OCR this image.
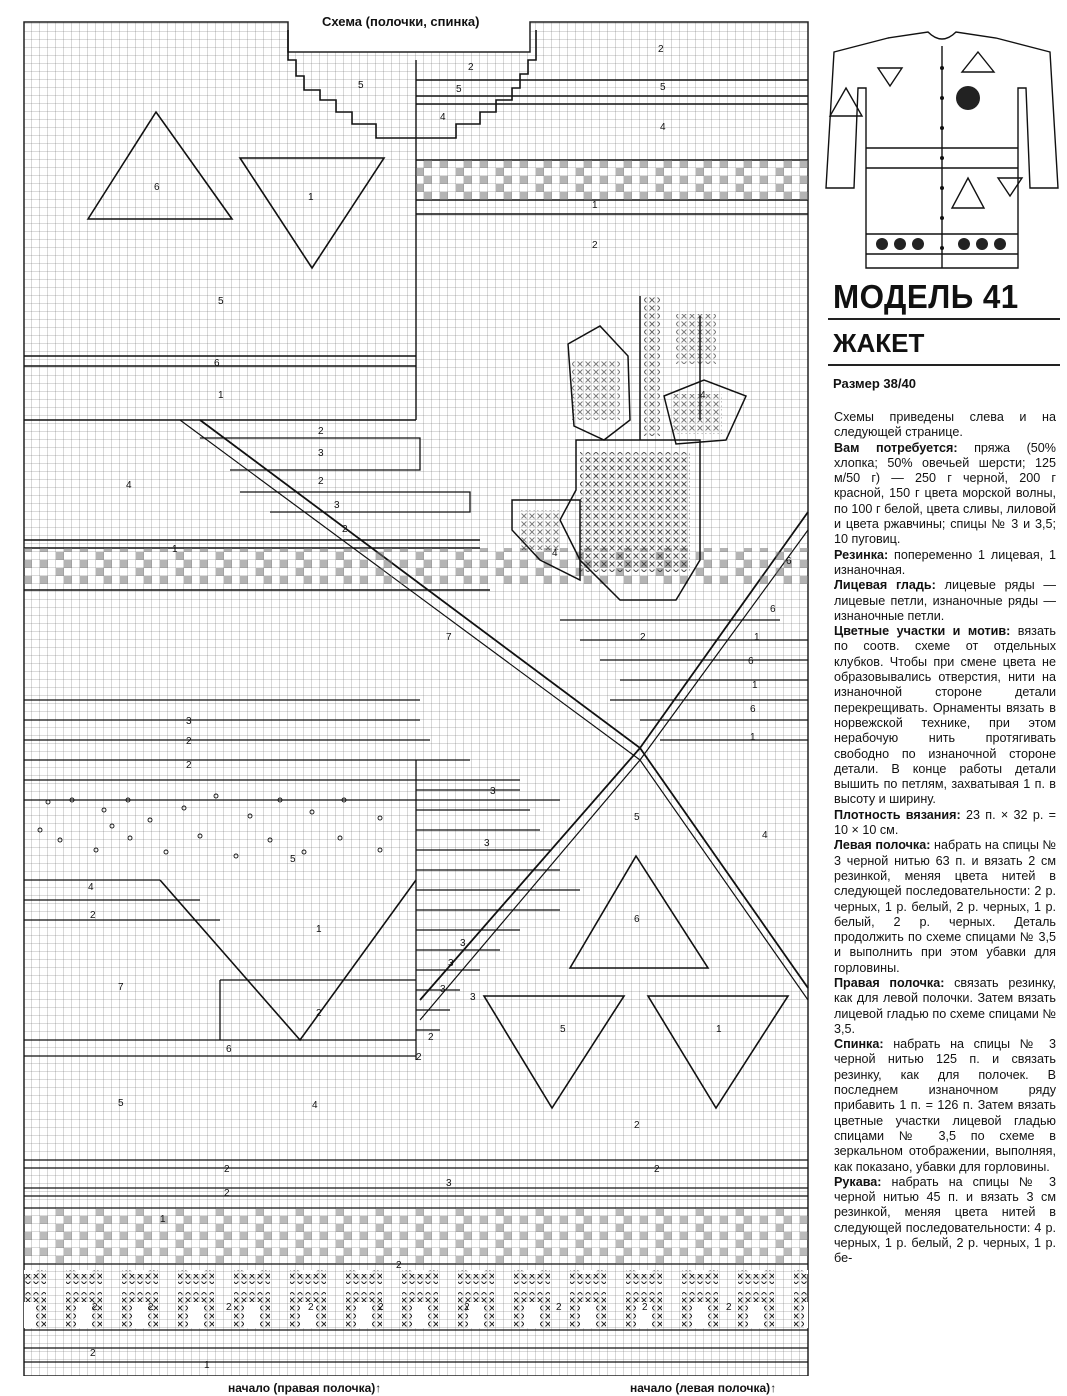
2
2
5	5	5
4
4
6
1
1
2
5
6
1	4
4
2
3
2
3
2
4
1
6
7	2
6
1
6
1
6
1
3
2
2
3
3
5
5
4
4
2	6
1
7
2
6
5
3
3
3
2
2
3
2
1
4
5
2
3
2
2
1
2
2	2	2	2	2	2	2	2	2
2
1
Схема (полочки, спинка)
начало (правая полочка)↑	начало (левая полочка)↑
МОДЕЛЬ 41
ЖАКЕТ
Размер 38/40

Схемы приведены слева и на следующей странице.

Вам потребуется: пряжа (50% хлопка; 50% овечьей шерсти; 125 м/50 г) — 250 г черной, 200 г красной, 150 г цвета морской волны, по 100 г белой, цвета сливы, лиловой и цвета ржавчины; спицы № 3 и 3,5; 10 пуговиц.

Резинка: попеременно 1 лицевая, 1 изнаночная.

Лицевая гладь: лицевые ряды — лицевые петли, изнаночные ряды — изнаночные петли.

Цветные участки и мотив: вязать по соотв. схеме от отдельных клубков. Чтобы при смене цвета не образовывались отверстия, нити на изнаночной стороне детали перекрещивать. Орнаменты вязать в норвежской технике, при этом нерабочую нить протягивать свободно по изнаночной стороне детали. В конце работы детали вышить по петлям, захватывая 1 п. в высоту и ширину.

Плотность вязания: 23 п. × 32 р. = 10 × 10 см.

Левая полочка: набрать на спицы № 3 черной нитью 63 п. и вязать 2 см резинкой, меняя цвета нитей в следующей последовательности: 2 р. черных, 1 р. белый, 2 р. черных, 1 р. белый, 2 р. черных. Деталь продолжить по схеме спицами № 3,5 и выполнить при этом убавки для горловины.

Правая полочка: связать резинку, как для левой полочки. Затем вязать лицевой гладью по схеме спицами № 3,5.

Спинка: набрать на спицы № 3 черной нитью 125 п. и связать резинку, как для полочек. В последнем изнаночном ряду прибавить 1 п. = 126 п. Затем вязать цветные участки лицевой гладью спицами № 3,5 по схеме в зеркальном отображении, выполняя, как показано, убавки для горловины.

Рукава: набрать на спицы № 3 черной нитью 45 п. и вязать 3 см резинкой, меняя цвета нитей в следующей последовательности: 4 р. черных, 1 р. белый, 2 р. черных, 1 р. бе-
